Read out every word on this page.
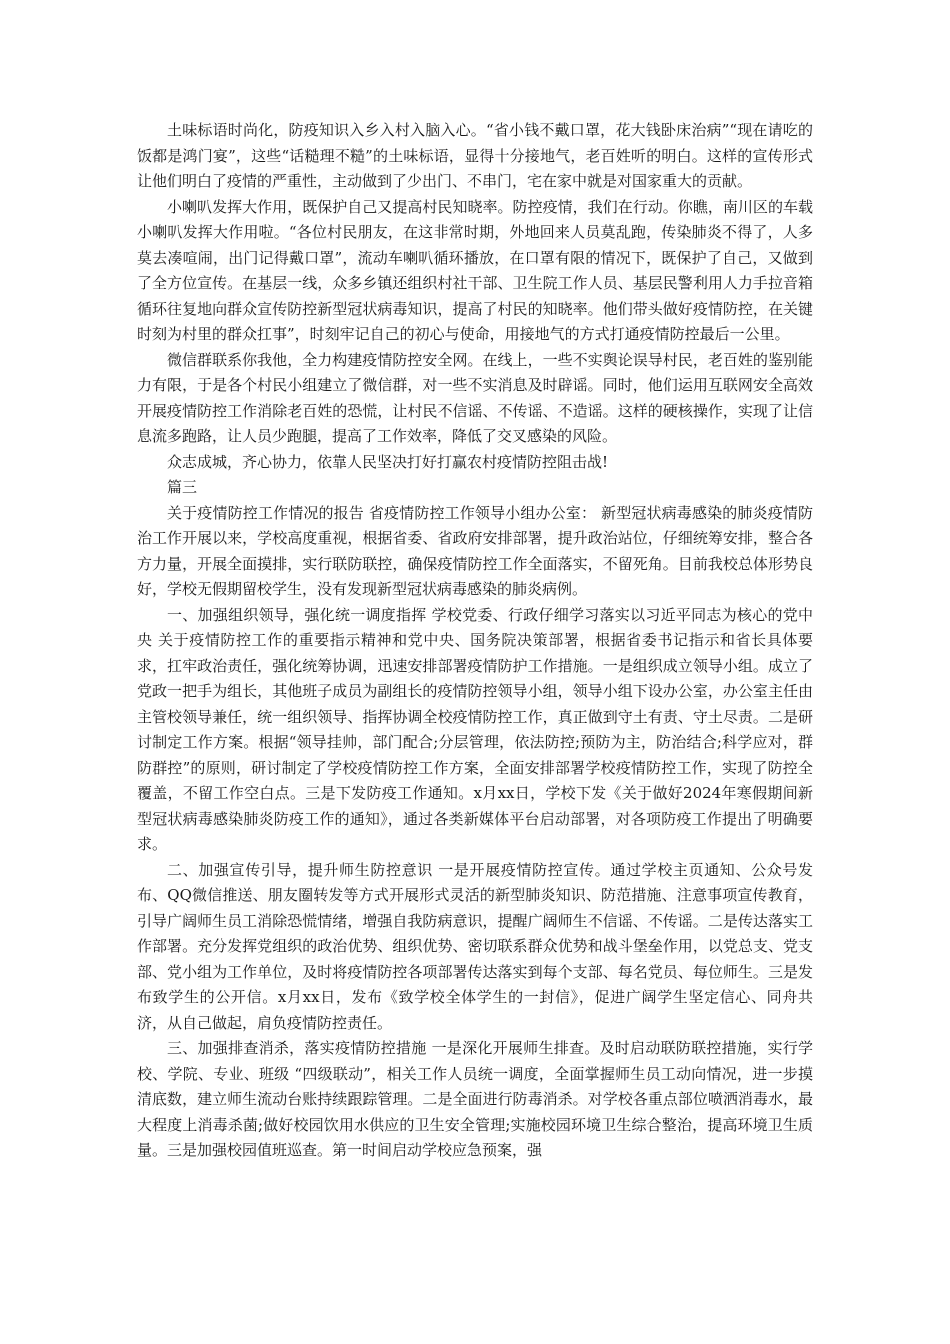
土味标语时尚化，防疫知识入乡入村入脑入心。“省小钱不戴口罩，花大钱卧床治病”“现在请吃的饭都是鸿门宴”，这些“话糙理不糙”的土味标语，显得十分接地气，老百姓听的明白。这样的宣传形式让他们明白了疫情的严重性，主动做到了少出门、不串门，宅在家中就是对国家重大的贡献。

小喇叭发挥大作用，既保护自己又提高村民知晓率。防控疫情，我们在行动。你瞧，南川区的车载小喇叭发挥大作用啦。“各位村民朋友，在这非常时期，外地回来人员莫乱跑，传染肺炎不得了，人多莫去凑喧闹，出门记得戴口罩”，流动车喇叭循环播放，在口罩有限的情况下，既保护了自己，又做到了全方位宣传。在基层一线，众多乡镇还组织村社干部、卫生院工作人员、基层民警利用人力手拉音箱循环往复地向群众宣传防控新型冠状病毒知识，提高了村民的知晓率。他们带头做好疫情防控，在关键时刻为村里的群众扛事”，时刻牢记自己的初心与使命，用接地气的方式打通疫情防控最后一公里。

微信群联系你我他，全力构建疫情防控安全网。在线上，一些不实舆论误导村民，老百姓的鉴别能力有限，于是各个村民小组建立了微信群，对一些不实消息及时辟谣。同时，他们运用互联网安全高效开展疫情防控工作消除老百姓的恐慌，让村民不信谣、不传谣、不造谣。这样的硬核操作，实现了让信息流多跑路，让人员少跑腿，提高了工作效率，降低了交叉感染的风险。

众志成城，齐心协力，依靠人民坚决打好打赢农村疫情防控阻击战!

篇三

关于疫情防控工作情况的报告 省疫情防控工作领导小组办公室： 新型冠状病毒感染的肺炎疫情防治工作开展以来，学校高度重视，根据省委、省政府安排部署，提升政治站位，仔细统筹安排，整合各方力量，开展全面摸排，实行联防联控，确保疫情防控工作全面落实，不留死角。目前我校总体形势良好，学校无假期留校学生，没有发现新型冠状病毒感染的肺炎病例。

一、加强组织领导，强化统一调度指挥 学校党委、行政仔细学习落实以习近平同志为核心的党中央 关于疫情防控工作的重要指示精神和党中央、国务院决策部署，根据省委书记指示和省长具体要求，扛牢政治责任，强化统筹协调，迅速安排部署疫情防护工作措施。一是组织成立领导小组。成立了党政一把手为组长，其他班子成员为副组长的疫情防控领导小组，领导小组下设办公室，办公室主任由主管校领导兼任，统一组织领导、指挥协调全校疫情防控工作，真正做到守土有责、守土尽责。二是研讨制定工作方案。根据“领导挂帅，部门配合;分层管理，依法防控;预防为主，防治结合;科学应对，群防群控”的原则，研讨制定了学校疫情防控工作方案，全面安排部署学校疫情防控工作，实现了防控全覆盖，不留工作空白点。三是下发防疫工作通知。x月xx日，学校下发《关于做好2024年寒假期间新型冠状病毒感染肺炎防疫工作的通知》，通过各类新媒体平台启动部署，对各项防疫工作提出了明确要求。

二、加强宣传引导，提升师生防控意识 一是开展疫情防控宣传。通过学校主页通知、公众号发布、QQ微信推送、朋友圈转发等方式开展形式灵活的新型肺炎知识、防范措施、注意事项宣传教育，引导广阔师生员工消除恐慌情绪，增强自我防病意识，提醒广阔师生不信谣、不传谣。二是传达落实工作部署。充分发挥党组织的政治优势、组织优势、密切联系群众优势和战斗堡垒作用，以党总支、党支部、党小组为工作单位，及时将疫情防控各项部署传达落实到每个支部、每名党员、每位师生。三是发布致学生的公开信。x月xx日，发布《致学校全体学生的一封信》，促进广阔学生坚定信心、同舟共济，从自己做起，肩负疫情防控责任。

三、加强排查消杀，落实疫情防控措施 一是深化开展师生排查。及时启动联防联控措施，实行学校、学院、专业、班级 “四级联动”，相关工作人员统一调度，全面掌握师生员工动向情况，进一步摸清底数，建立师生流动台账持续跟踪管理。二是全面进行防毒消杀。对学校各重点部位喷洒消毒水，最大程度上消毒杀菌;做好校园饮用水供应的卫生安全管理;实施校园环境卫生综合整治，提高环境卫生质量。三是加强校园值班巡查。第一时间启动学校应急预案，强
